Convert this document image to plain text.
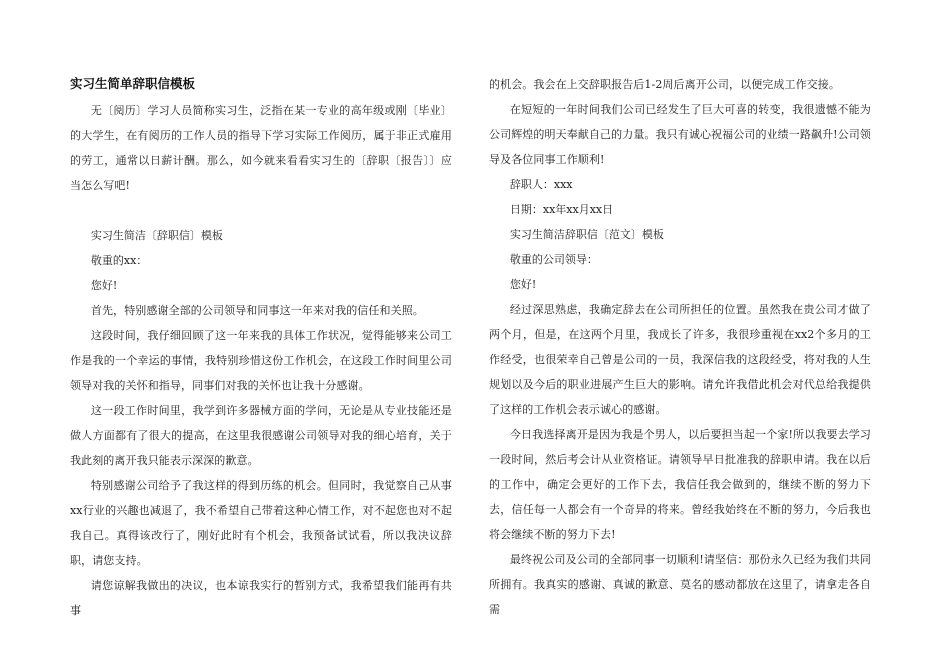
实习生简单辞职信模板

无〔阅历〕学习人员简称实习生，泛指在某一专业的高年级或刚〔毕业〕的大学生，在有阅历的工作人员的指导下学习实际工作阅历，属于非正式雇用的劳工，通常以日薪计酬。那么，如今就来看看实习生的〔辞职〔报告〕〕应当怎么写吧!

实习生简洁〔辞职信〕模板

敬重的xx：

您好!

首先，特别感谢全部的公司领导和同事这一年来对我的信任和关照。

这段时间，我仔细回顾了这一年来我的具体工作状况，觉得能够来公司工作是我的一个幸运的事情，我特别珍惜这份工作机会，在这段工作时间里公司领导对我的关怀和指导，同事们对我的关怀也让我十分感谢。

这一段工作时间里，我学到许多器械方面的学问，无论是从专业技能还是做人方面都有了很大的提高，在这里我很感谢公司领导对我的细心培育，关于我此刻的离开我只能表示深深的歉意。

特别感谢公司给予了我这样的得到历练的机会。但同时，我觉察自己从事xx行业的兴趣也减退了，我不希望自己带着这种心情工作，对不起您也对不起我自己。真得该改行了，刚好此时有个机会，我预备试试看，所以我决议辞职，请您支持。

请您谅解我做出的决议，也本谅我实行的暂别方式，我希望我们能再有共事

的机会。我会在上交辞职报告后1-2周后离开公司，以便完成工作交接。

在短短的一年时间我们公司已经发生了巨大可喜的转变，我很遗憾不能为公司辉煌的明天奉献自己的力量。我只有诚心祝福公司的业绩一路飙升!公司领导及各位同事工作顺利!

辞职人：xxx

日期：xx年xx月xx日

实习生简洁辞职信〔范文〕模板

敬重的公司领导：

您好!

经过深思熟虑，我确定辞去在公司所担任的位置。虽然我在贵公司才做了两个月，但是，在这两个月里，我成长了许多，我很珍重视在xx2个多月的工作经受，也很荣幸自己曾是公司的一员，我深信我的这段经受，将对我的人生规划以及今后的职业进展产生巨大的影响。请允许我借此机会对代总给我提供了这样的工作机会表示诚心的感谢。

今日我选择离开是因为我是个男人，以后要担当起一个家!所以我要去学习一段时间，然后考会计从业资格证。请领导早日批准我的辞职申请。我在以后的工作中，确定会更好的工作下去，我信任我会做到的，继续不断的努力下去，信任每一人都会有一个奇异的将来。曾经我始终在不断的努力，今后我也将会继续不断的努力下去!

最终祝公司及公司的全部同事一切顺利!请坚信：那份永久已经为我们共同所拥有。我真实的感谢、真诚的歉意、莫名的感动都放在这里了，请拿走各自需
